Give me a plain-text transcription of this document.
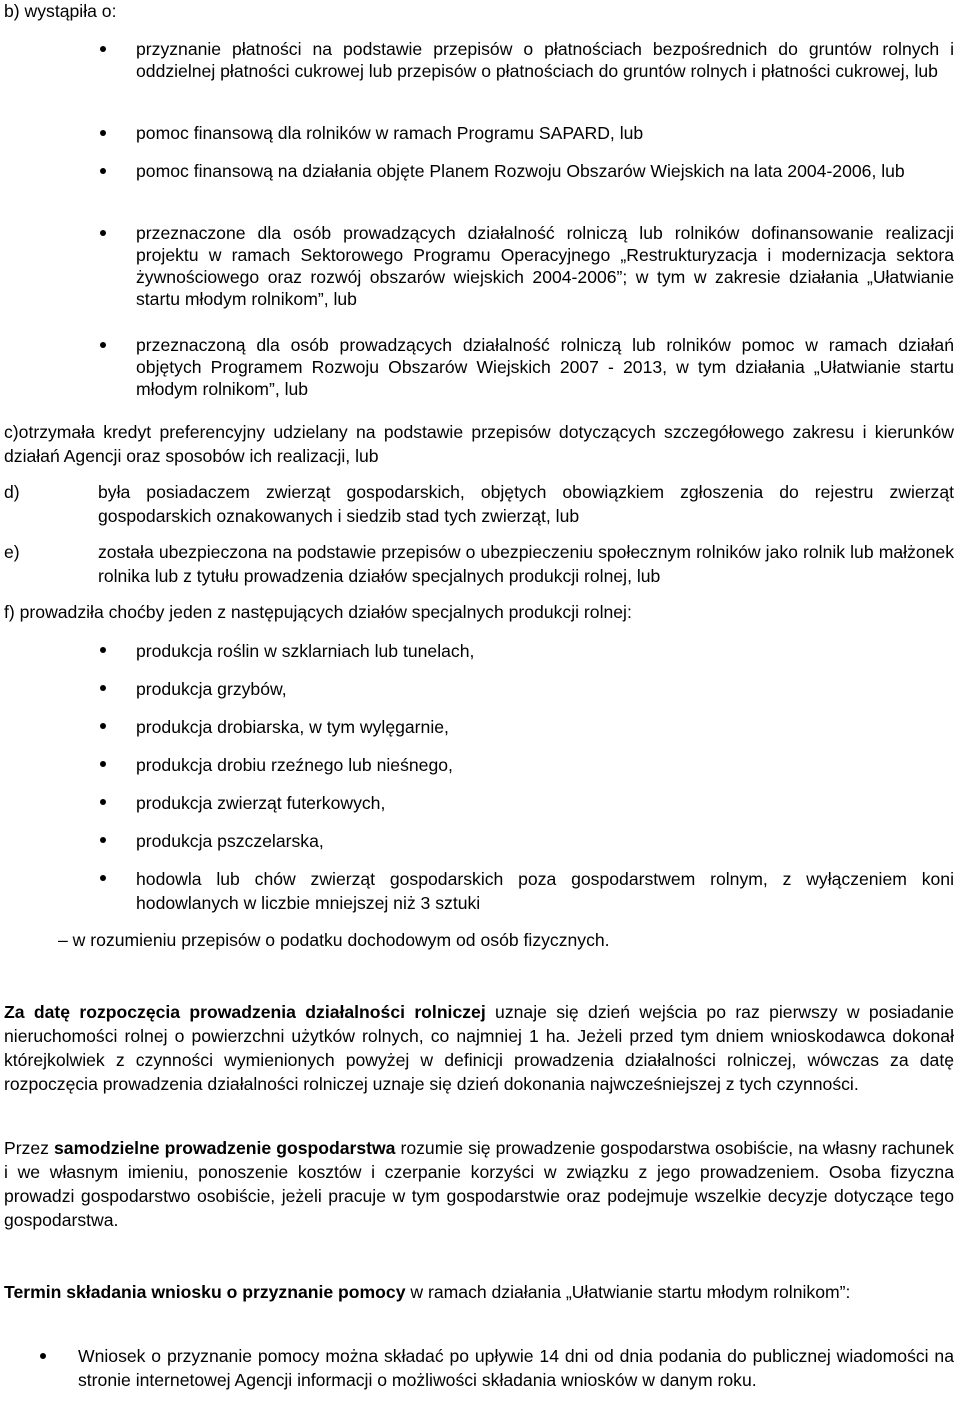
b) wystąpiła o:
przyznanie płatności na podstawie przepisów o płatnościach bezpośrednich do gruntów rolnych i oddzielnej płatności cukrowej lub przepisów o płatnościach do gruntów rolnych i płatności cukrowej, lub
pomoc finansową dla rolników w ramach Programu SAPARD, lub
pomoc finansową na działania objęte Planem Rozwoju Obszarów Wiejskich na lata 2004-2006, lub
przeznaczone dla osób prowadzących działalność rolniczą lub rolników dofinansowanie realizacji projektu w ramach Sektorowego Programu Operacyjnego „Restrukturyzacja i modernizacja sektora żywnościowego oraz rozwój obszarów wiejskich 2004-2006”; w tym w zakresie działania „Ułatwianie startu młodym rolnikom”, lub
przeznaczoną dla osób prowadzących działalność rolniczą lub rolników pomoc w ramach działań objętych Programem Rozwoju Obszarów Wiejskich 2007 - 2013, w tym działania „Ułatwianie startu młodym rolnikom”, lub
c)otrzymała kredyt preferencyjny udzielany na podstawie przepisów dotyczących szczegółowego zakresu i kierunków działań Agencji oraz sposobów ich realizacji, lub
d)	była posiadaczem zwierząt gospodarskich, objętych obowiązkiem zgłoszenia do rejestru zwierząt gospodarskich oznakowanych i siedzib stad tych zwierząt, lub
e)	została ubezpieczona na podstawie przepisów o ubezpieczeniu społecznym rolników jako rolnik lub małżonek rolnika lub z tytułu prowadzenia działów specjalnych produkcji rolnej, lub
f) prowadziła choćby jeden z następujących działów specjalnych produkcji rolnej:
produkcja roślin w szklarniach lub tunelach,
produkcja grzybów,
produkcja drobiarska, w tym wylęgarnie,
produkcja drobiu rzeźnego lub nieśnego,
produkcja zwierząt futerkowych,
produkcja pszczelarska,
hodowla lub chów zwierząt gospodarskich poza gospodarstwem rolnym, z wyłączeniem koni hodowlanych w liczbie mniejszej niż 3 sztuki
– w rozumieniu przepisów o podatku dochodowym od osób fizycznych.
Za datę rozpoczęcia prowadzenia działalności rolniczej uznaje się dzień wejścia po raz pierwszy w posiadanie nieruchomości rolnej o powierzchni użytków rolnych, co najmniej 1 ha. Jeżeli przed tym dniem wnioskodawca dokonał którejkolwiek z czynności wymienionych powyżej w definicji prowadzenia działalności rolniczej, wówczas za datę rozpoczęcia prowadzenia działalności rolniczej uznaje się dzień dokonania najwcześniejszej z tych czynności.
Przez samodzielne prowadzenie gospodarstwa rozumie się prowadzenie gospodarstwa osobiście, na własny rachunek i we własnym imieniu, ponoszenie kosztów i czerpanie korzyści w związku z jego prowadzeniem. Osoba fizyczna prowadzi gospodarstwo osobiście, jeżeli pracuje w tym gospodarstwie oraz podejmuje wszelkie decyzje dotyczące tego gospodarstwa.
Termin składania wniosku o przyznanie pomocy w ramach działania „Ułatwianie startu młodym rolnikom”:
Wniosek o przyznanie pomocy można składać po upływie 14 dni od dnia podania do publicznej wiadomości na stronie internetowej Agencji informacji o możliwości składania wniosków w danym roku.
